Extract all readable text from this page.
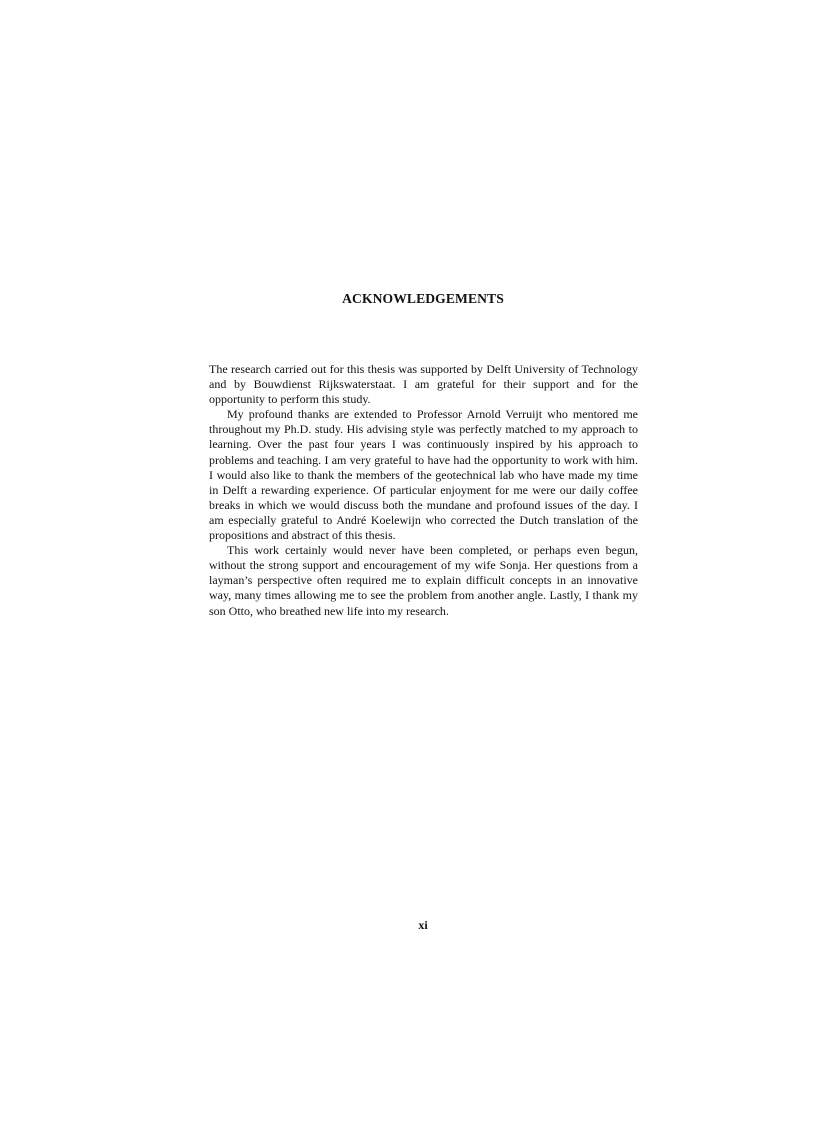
ACKNOWLEDGEMENTS

The research carried out for this thesis was supported by Delft University of Technology and by Bouwdienst Rijkswaterstaat. I am grateful for their support and for the opportunity to perform this study.

My profound thanks are extended to Professor Arnold Verruijt who mentored me throughout my Ph.D. study. His advising style was perfectly matched to my approach to learning. Over the past four years I was continuously inspired by his approach to problems and teaching. I am very grateful to have had the opportunity to work with him. I would also like to thank the members of the geotechnical lab who have made my time in Delft a rewarding experience. Of particular enjoyment for me were our daily coffee breaks in which we would discuss both the mundane and profound issues of the day. I am especially grateful to André Koelewijn who corrected the Dutch translation of the propositions and abstract of this thesis.

This work certainly would never have been completed, or perhaps even begun, without the strong support and encouragement of my wife Sonja. Her questions from a layman’s perspective often required me to explain difficult concepts in an innovative way, many times allowing me to see the problem from another angle. Lastly, I thank my son Otto, who breathed new life into my research.

xi
